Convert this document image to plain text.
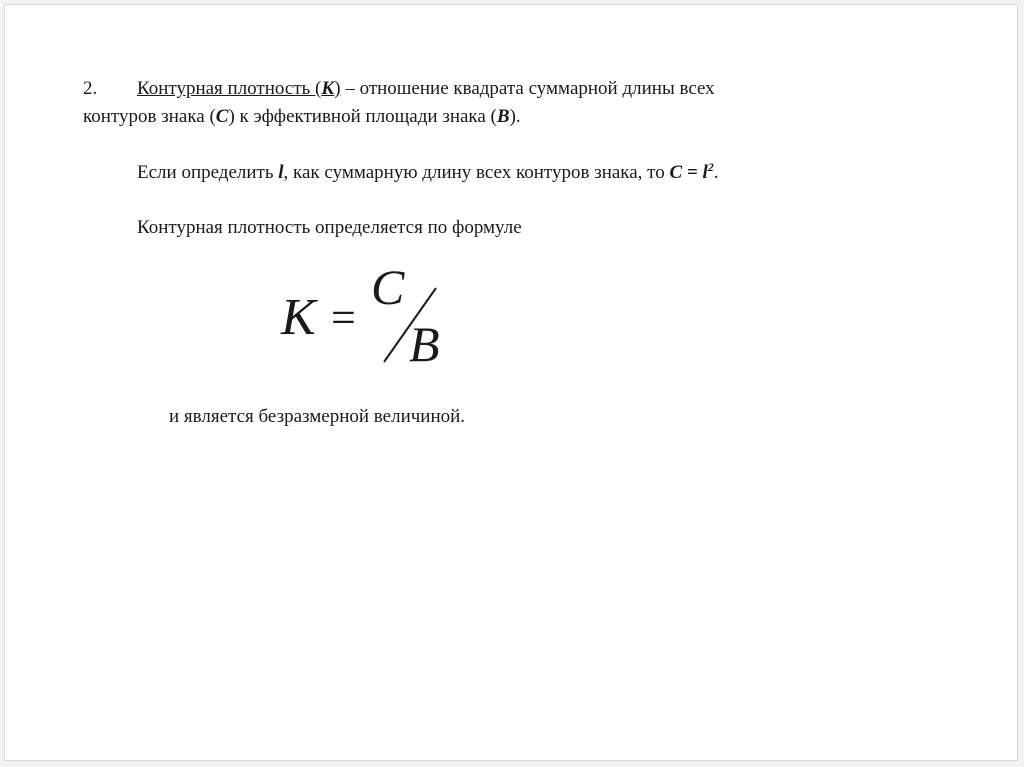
2. Контурная плотность (К) – отношение квадрата суммарной длины всех
контуров знака (С) к эффективной площади знака (В).
Если определить l, как суммарную длину всех контуров знака, то $С = l^2$.
Контурная плотность определяется по формуле
K =
C
B
и является безразмерной величиной.
